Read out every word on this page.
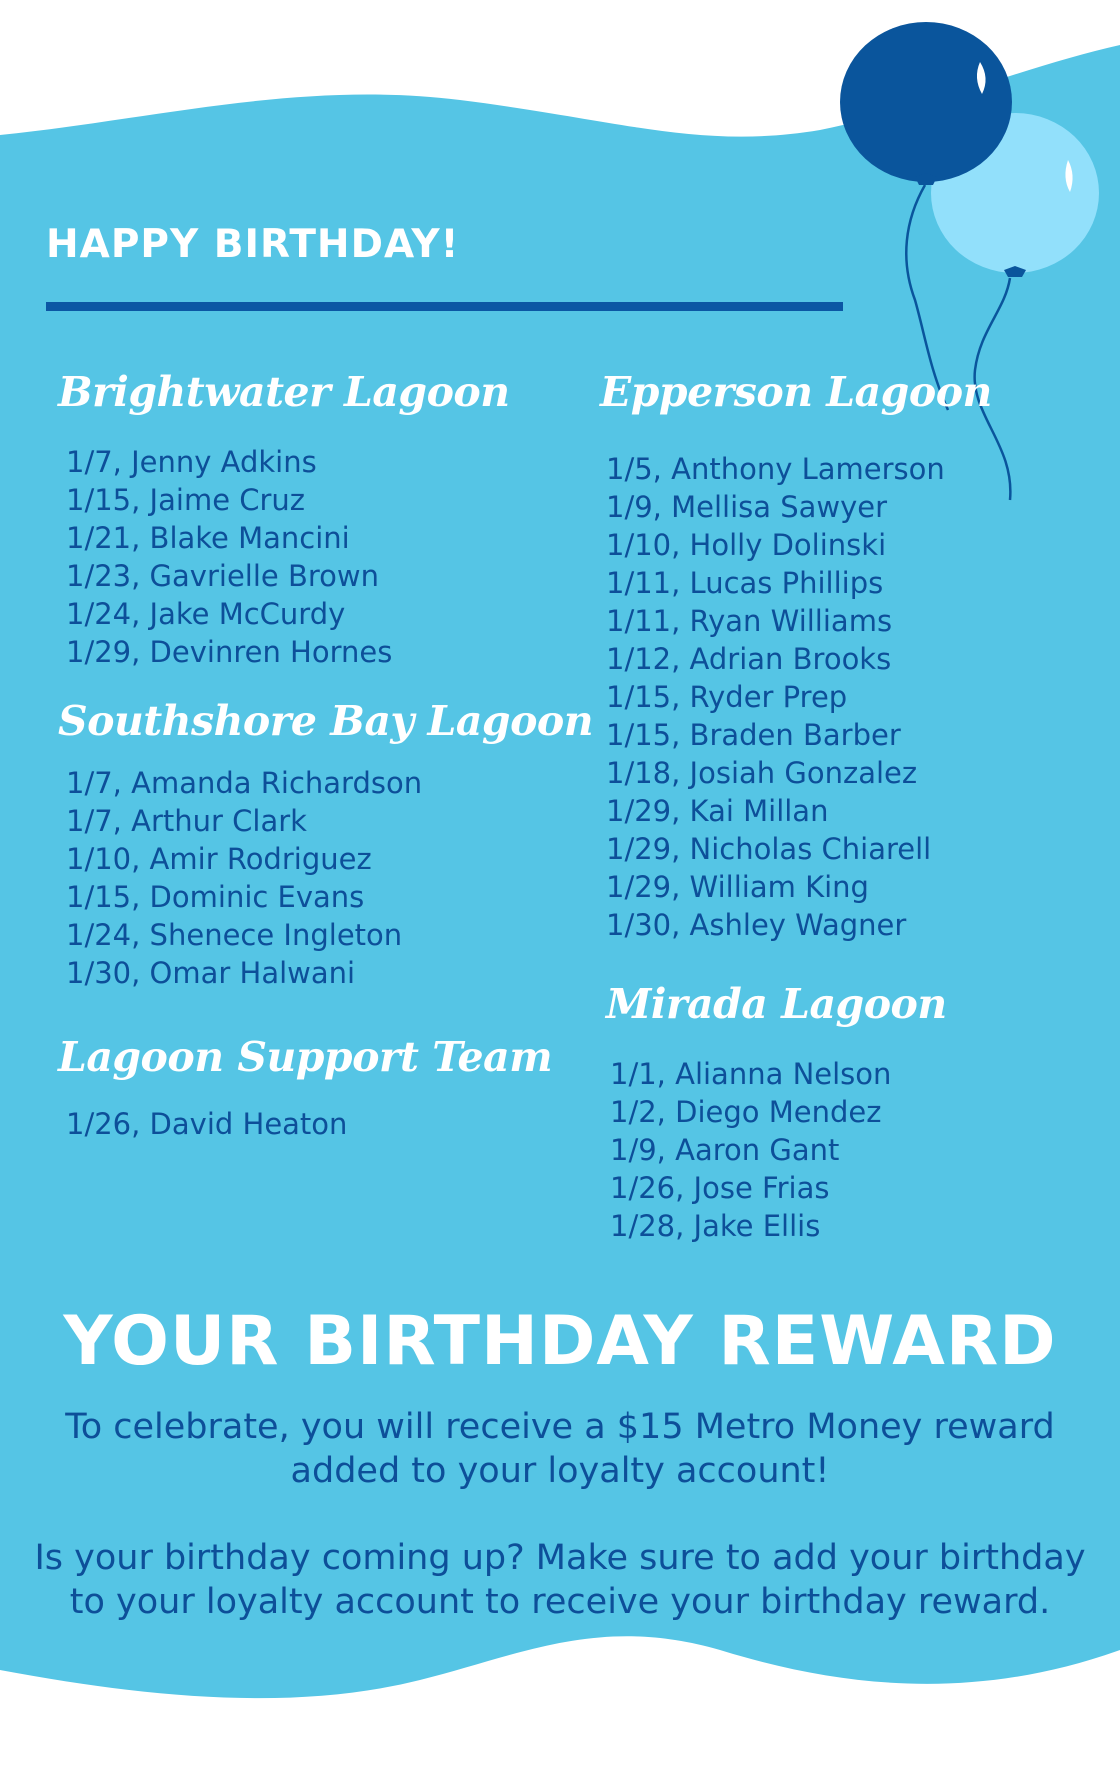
HAPPY BIRTHDAY!
Brightwater Lagoon
1/7, Jenny Adkins
1/15, Jaime Cruz
1/21, Blake Mancini
1/23, Gavrielle Brown
1/24, Jake McCurdy
1/29, Devinren Hornes
Southshore Bay Lagoon
1/7, Amanda Richardson
1/7, Arthur Clark
1/10, Amir Rodriguez
1/15, Dominic Evans
1/24, Shenece Ingleton
1/30, Omar Halwani
Lagoon Support Team
1/26, David Heaton
Epperson Lagoon
1/5, Anthony Lamerson
1/9, Mellisa Sawyer
1/10, Holly Dolinski
1/11, Lucas Phillips
1/11, Ryan Williams
1/12, Adrian Brooks
1/15, Ryder Prep
1/15, Braden Barber
1/18, Josiah Gonzalez
1/29, Kai Millan
1/29, Nicholas Chiarell
1/29, William King
1/30, Ashley Wagner
Mirada Lagoon
1/1, Alianna Nelson
1/2, Diego Mendez
1/9, Aaron Gant
1/26, Jose Frias
1/28, Jake Ellis
YOUR BIRTHDAY REWARD

To celebrate, you will receive a $15 Metro Money reward

added to your loyalty account!

Is your birthday coming up? Make sure to add your birthday

to your loyalty account to receive your birthday reward.
